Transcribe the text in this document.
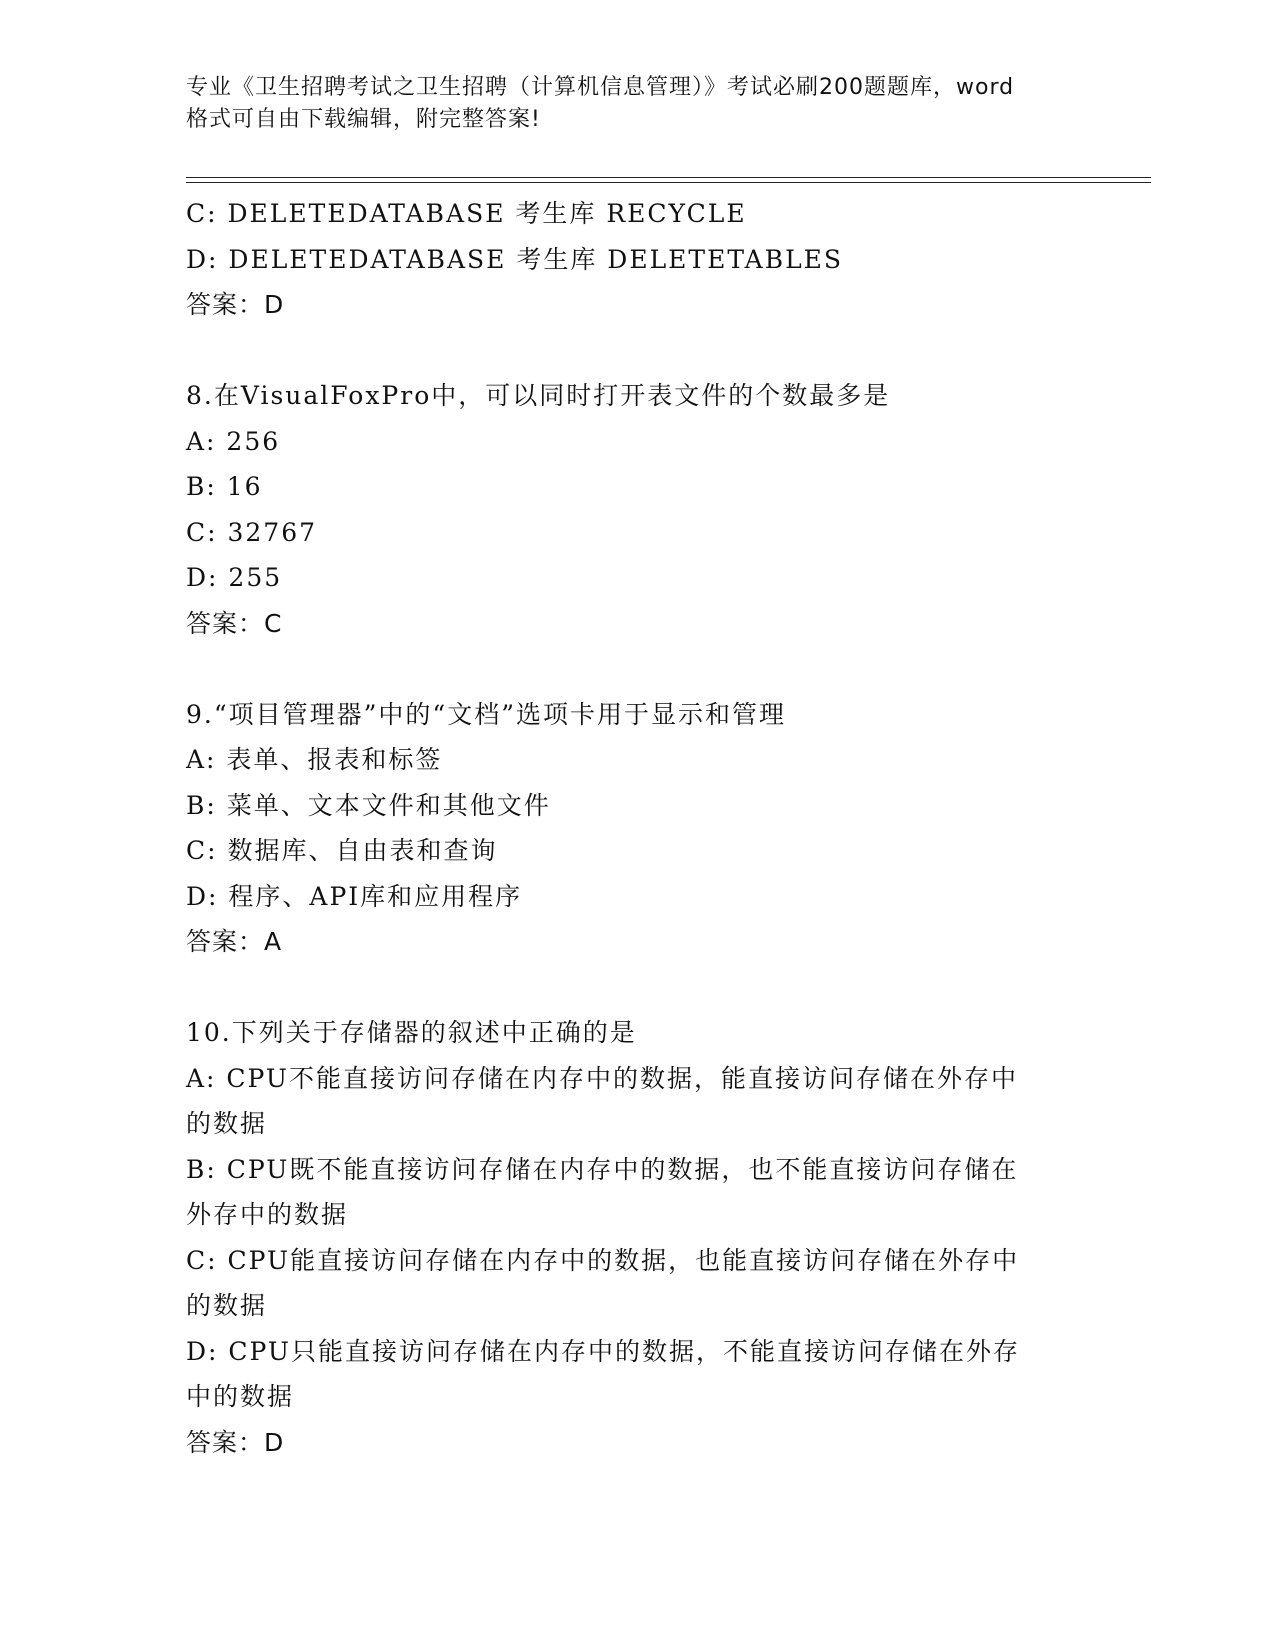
专业《卫生招聘考试之卫生招聘（计算机信息管理）》考试必刷200题题库，word
格式可自由下载编辑，附完整答案!
C: DELETEDATABASE 考生库 RECYCLE
D: DELETEDATABASE 考生库 DELETETABLES
答案：D
8.在VisualFoxPro中，可以同时打开表文件的个数最多是
A: 256
B: 16
C: 32767
D: 255
答案：C
9.“项目管理器”中的“文档”选项卡用于显示和管理
A: 表单、报表和标签
B: 菜单、文本文件和其他文件
C: 数据库、自由表和查询
D: 程序、API库和应用程序
答案：A
10.下列关于存储器的叙述中正确的是
A: CPU不能直接访问存储在内存中的数据，能直接访问存储在外存中
的数据
B: CPU既不能直接访问存储在内存中的数据，也不能直接访问存储在
外存中的数据
C: CPU能直接访问存储在内存中的数据，也能直接访问存储在外存中
的数据
D: CPU只能直接访问存储在内存中的数据，不能直接访问存储在外存
中的数据
答案：D
